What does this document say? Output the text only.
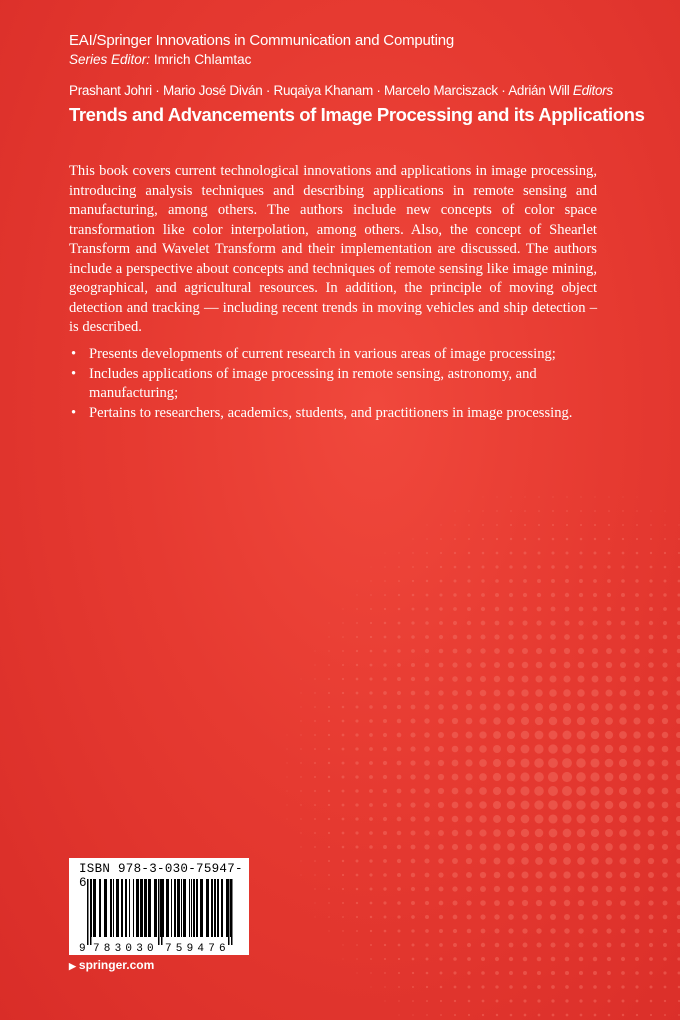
EAI/Springer Innovations in Communication and Computing
Series Editor: Imrich Chlamtac
Prashant Johri · Mario José Diván · Ruqaiya Khanam · Marcelo Marciszack · Adrián Will Editors
Trends and Advancements of Image Processing and its Applications

This book covers current technological innovations and applications in image processing, introducing analysis techniques and describing applications in remote sensing and manufacturing, among others. The authors include new concepts of color space transformation like color interpolation, among others. Also, the concept of Shearlet Transform and Wavelet Transform and their implementation are discussed. The authors include a perspective about concepts and techniques of remote sensing like image mining, geographical, and agricultural resources. In addition, the principle of moving object detection and tracking — including recent trends in moving vehicles and ship detection – is described.

• Presents developments of current research in various areas of image processing;
• Includes applications of image processing in remote sensing, astronomy, and manufacturing;
• Pertains to researchers, academics, students, and practitioners in image processing.
ISBN 978-3-030-75947-6
9 7 8 3 0 3 0 7 5 9 4 7 6
▶ springer.com
